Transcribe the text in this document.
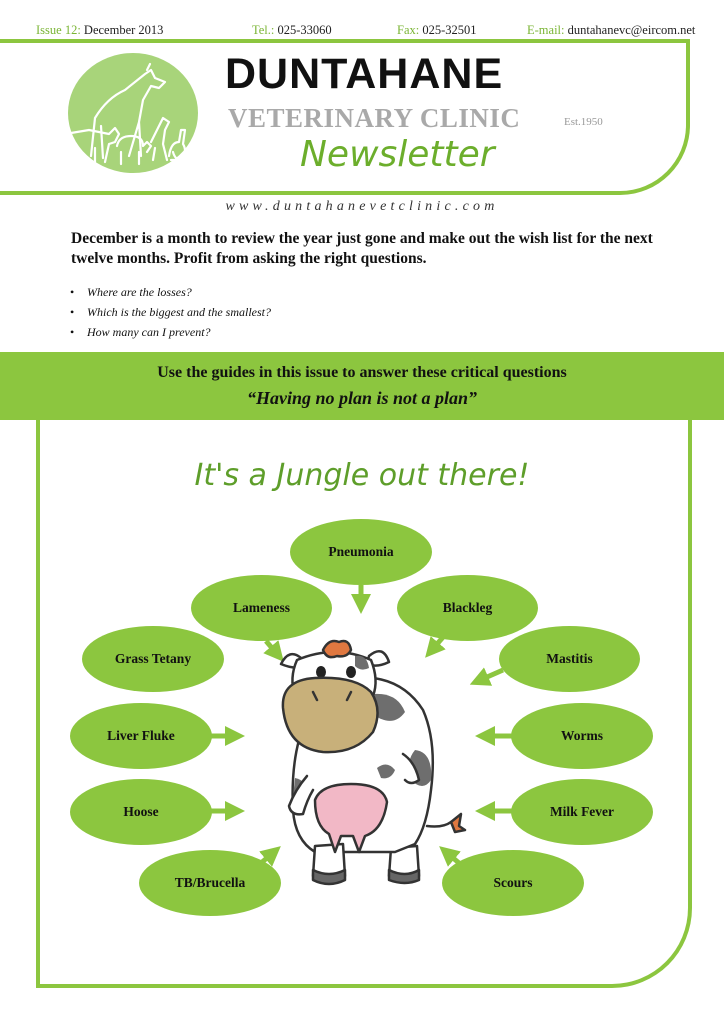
Issue 12: December 2013	Tel.: 025-33060	Fax: 025-32501	E-mail: duntahanevc@eircom.net
DUNTAHANE
VETERINARY CLINIC	Est.1950
Newsletter
www.duntahanevetclinic.com

December is a month to review the year just gone and make out the wish list for the next twelve months. Profit from asking the right questions.

• Where are the losses?
• Which is the biggest and the smallest?
• How many can I prevent?
Use the guides in this issue to answer these critical questions
“Having no plan is not a plan”
It's a Jungle out there!
Pneumonia
Lameness	Blackleg
Grass Tetany	Mastitis
Liver Fluke	Worms
Hoose	Milk Fever
TB/Brucella	Scours
